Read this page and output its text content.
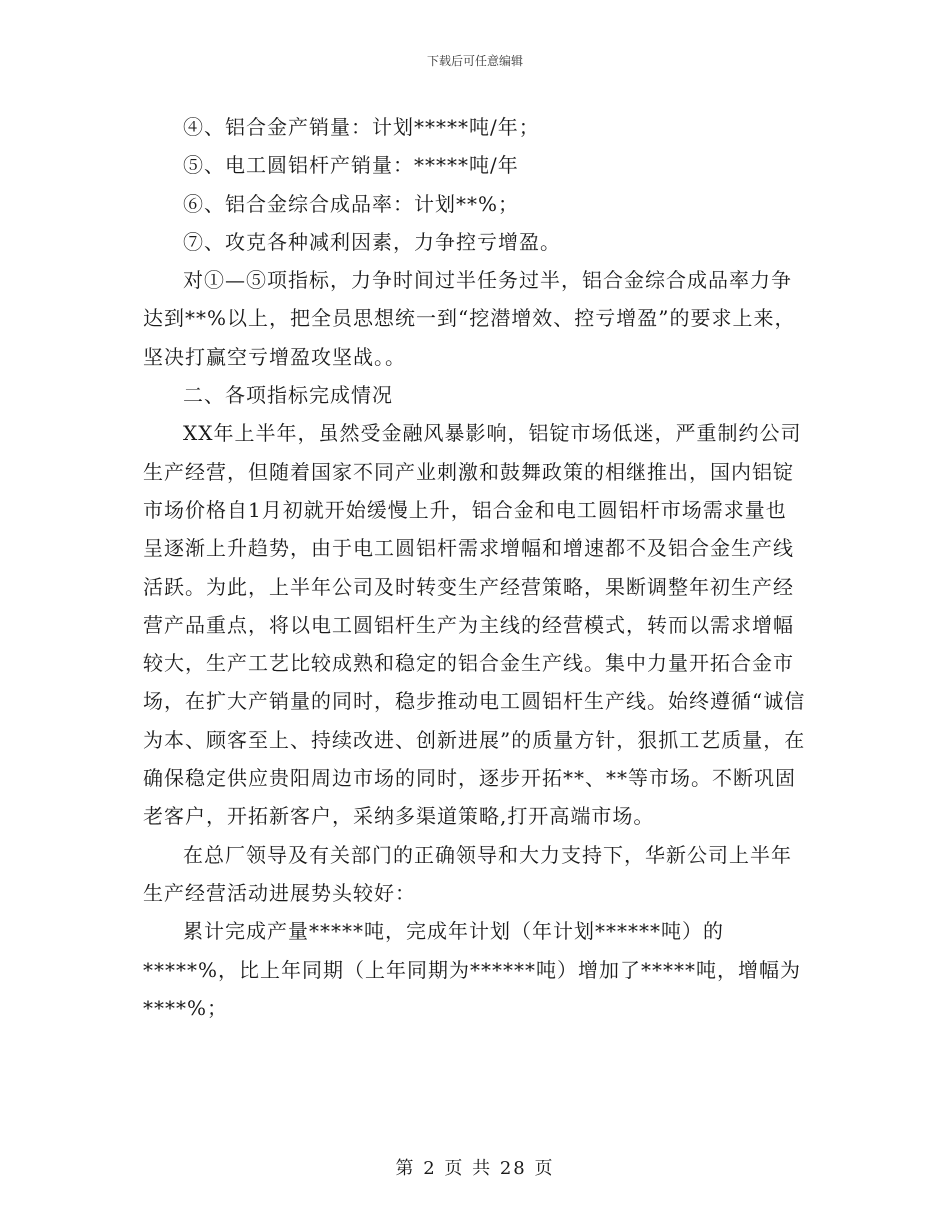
下载后可任意编辑

④、铝合金产销量：计划*****吨/年；

⑤、电工圆铝杆产销量：*****吨/年

⑥、铝合金综合成品率：计划**%；

⑦、攻克各种减利因素，力争控亏增盈。

对①—⑤项指标，力争时间过半任务过半，铝合金综合成品率力争达到**%以上，把全员思想统一到“挖潜增效、控亏增盈”的要求上来，坚决打赢空亏增盈攻坚战。。

二、各项指标完成情况

XX年上半年，虽然受金融风暴影响，铝锭市场低迷，严重制约公司生产经营，但随着国家不同产业刺激和鼓舞政策的相继推出，国内铝锭市场价格自1月初就开始缓慢上升，铝合金和电工圆铝杆市场需求量也呈逐渐上升趋势，由于电工圆铝杆需求增幅和增速都不及铝合金生产线活跃。为此，上半年公司及时转变生产经营策略，果断调整年初生产经营产品重点，将以电工圆铝杆生产为主线的经营模式，转而以需求增幅较大，生产工艺比较成熟和稳定的铝合金生产线。集中力量开拓合金市场，在扩大产销量的同时，稳步推动电工圆铝杆生产线。始终遵循“诚信为本、顾客至上、持续改进、创新进展”的质量方针，狠抓工艺质量，在确保稳定供应贵阳周边市场的同时，逐步开拓**、**等市场。不断巩固老客户，开拓新客户，采纳多渠道策略,打开高端市场。

在总厂领导及有关部门的正确领导和大力支持下，华新公司上半年生产经营活动进展势头较好：

累计完成产量*****吨，完成年计划（年计划******吨）的*****%，比上年同期（上年同期为******吨）增加了*****吨，增幅为****%；

第 2 页 共 28 页
